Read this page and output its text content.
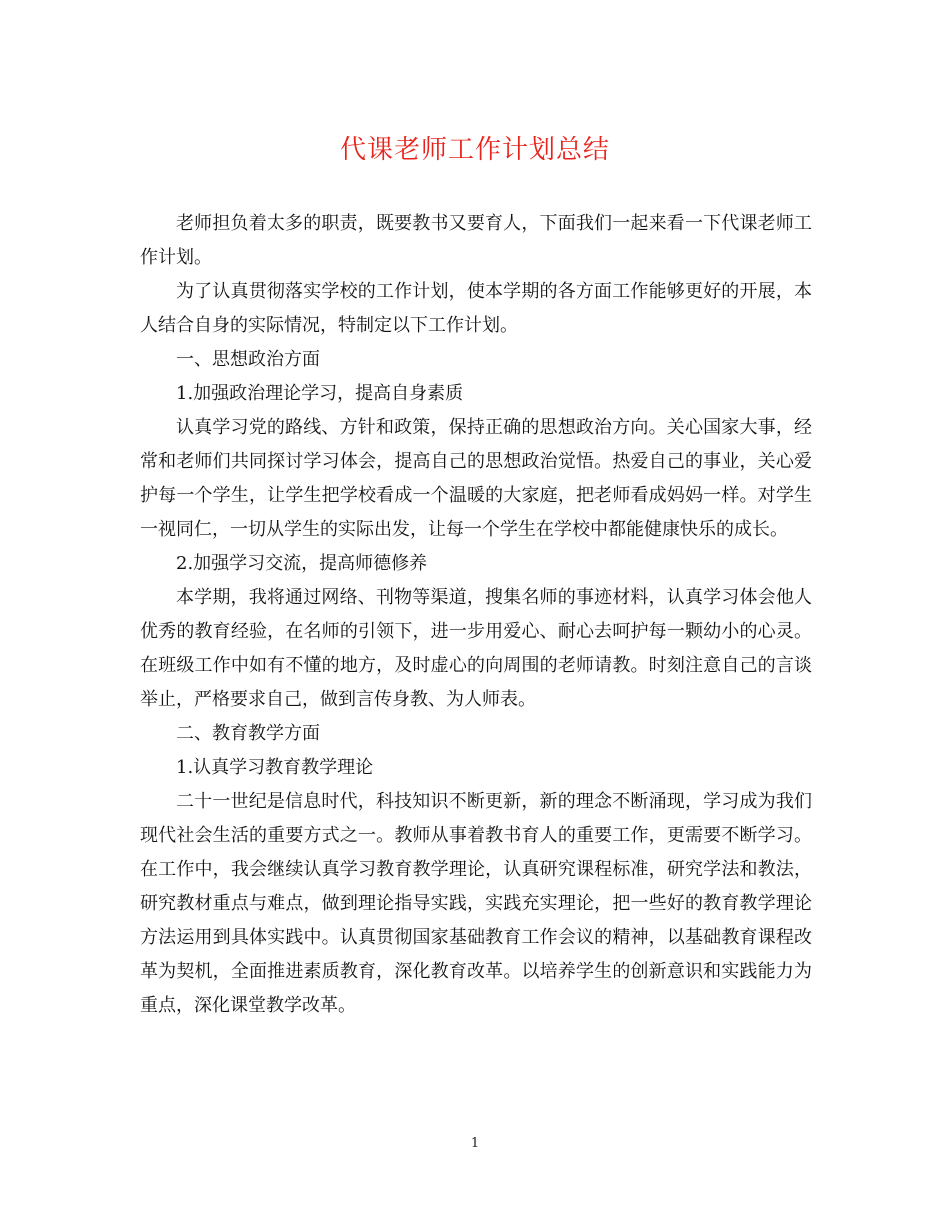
代课老师工作计划总结

老师担负着太多的职责，既要教书又要育人，下面我们一起来看一下代课老师工作计划。

为了认真贯彻落实学校的工作计划，使本学期的各方面工作能够更好的开展，本人结合自身的实际情况，特制定以下工作计划。

一、思想政治方面

1.加强政治理论学习，提高自身素质

认真学习党的路线、方针和政策，保持正确的思想政治方向。关心国家大事，经常和老师们共同探讨学习体会，提高自己的思想政治觉悟。热爱自己的事业，关心爱护每一个学生，让学生把学校看成一个温暖的大家庭，把老师看成妈妈一样。对学生一视同仁，一切从学生的实际出发，让每一个学生在学校中都能健康快乐的成长。

2.加强学习交流，提高师德修养

本学期，我将通过网络、刊物等渠道，搜集名师的事迹材料，认真学习体会他人优秀的教育经验，在名师的引领下，进一步用爱心、耐心去呵护每一颗幼小的心灵。在班级工作中如有不懂的地方，及时虚心的向周围的老师请教。时刻注意自己的言谈举止，严格要求自己，做到言传身教、为人师表。

二、教育教学方面

1.认真学习教育教学理论

二十一世纪是信息时代，科技知识不断更新，新的理念不断涌现，学习成为我们现代社会生活的重要方式之一。教师从事着教书育人的重要工作，更需要不断学习。在工作中，我会继续认真学习教育教学理论，认真研究课程标准，研究学法和教法，研究教材重点与难点，做到理论指导实践，实践充实理论，把一些好的教育教学理论方法运用到具体实践中。认真贯彻国家基础教育工作会议的精神，以基础教育课程改革为契机，全面推进素质教育，深化教育改革。以培养学生的创新意识和实践能力为重点，深化课堂教学改革。

1
